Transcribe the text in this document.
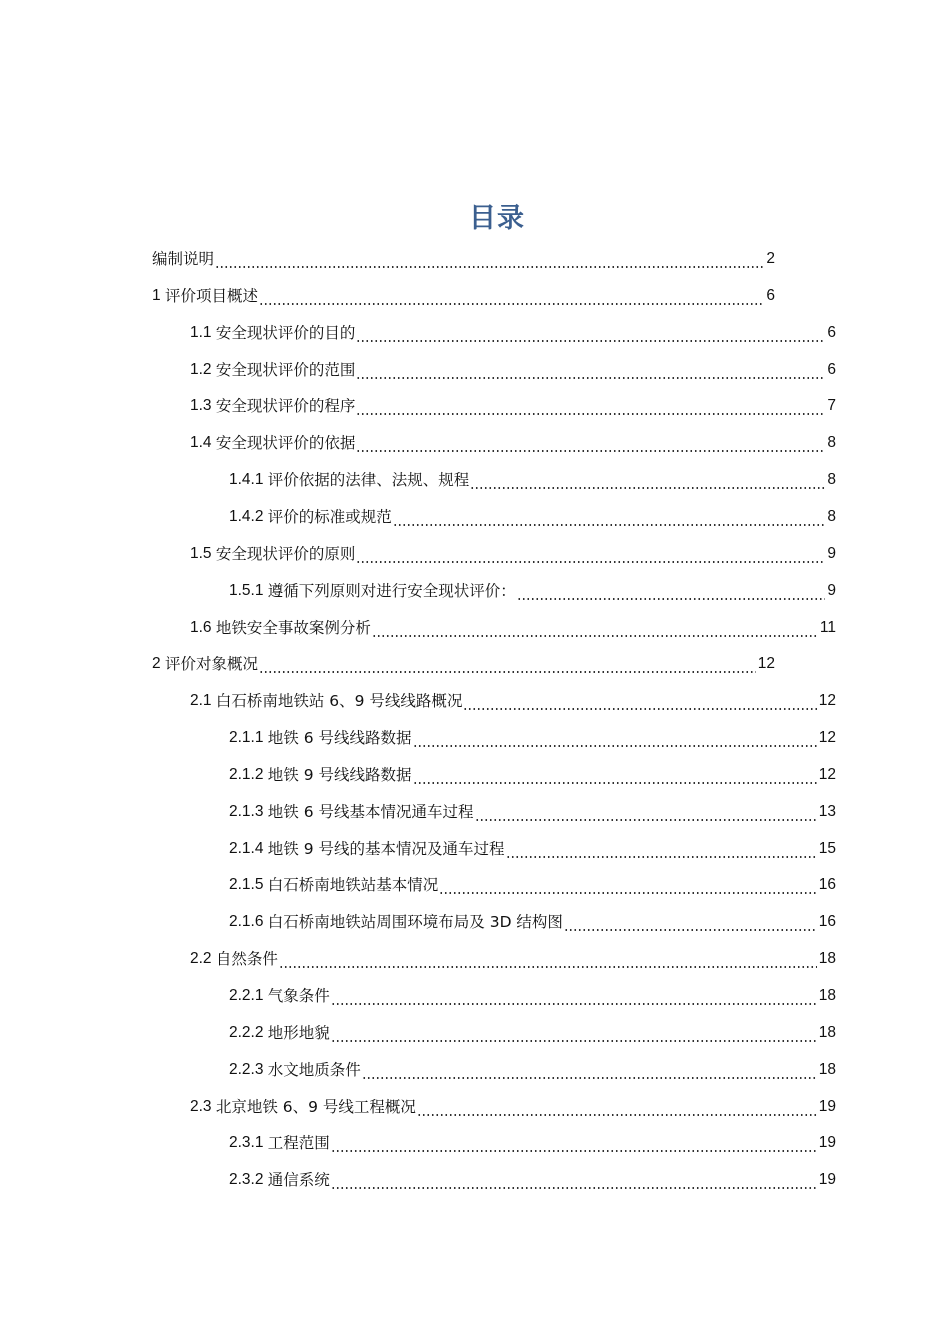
目录
编制说明	2
1 评价项目概述	6
1.1 安全现状评价的目的	6
1.2 安全现状评价的范围	6
1.3 安全现状评价的程序	7
1.4 安全现状评价的依据	8
1.4.1 评价依据的法律、法规、规程	8
1.4.2 评价的标准或规范	8
1.5 安全现状评价的原则	9
1.5.1 遵循下列原则对进行安全现状评价：	9
1.6 地铁安全事故案例分析	11
2 评价对象概况	12
2.1 白石桥南地铁站 6、9 号线线路概况	12
2.1.1 地铁 6 号线线路数据	12
2.1.2 地铁 9 号线线路数据	12
2.1.3 地铁 6 号线基本情况通车过程	13
2.1.4 地铁 9 号线的基本情况及通车过程	15
2.1.5 白石桥南地铁站基本情况	16
2.1.6 白石桥南地铁站周围环境布局及 3D 结构图	16
2.2 自然条件	18
2.2.1 气象条件	18
2.2.2 地形地貌	18
2.2.3 水文地质条件	18
2.3 北京地铁 6、9 号线工程概况	19
2.3.1 工程范围	19
2.3.2 通信系统	19
